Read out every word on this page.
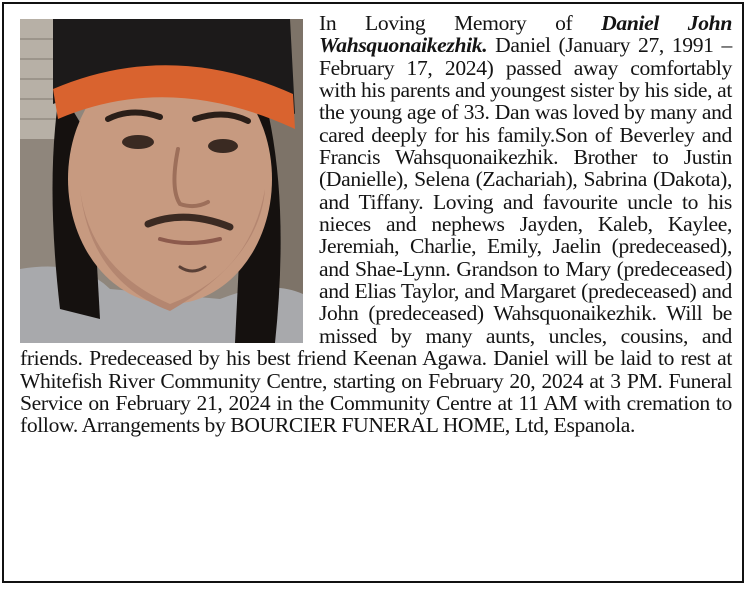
In Loving Memory of Daniel John Wahsquonaikezhik. Daniel (January 27, 1991 – February 17, 2024) passed away comfortably with his parents and youngest sister by his side, at the young age of 33. Dan was loved by many and cared deeply for his family.Son of Beverley and Francis Wahsquonaikezhik. Brother to Justin (Danielle), Selena (Zachariah), Sabrina (Dakota), and Tiffany. Loving and favourite uncle to his nieces and nephews Jayden, Kaleb, Kaylee, Jeremiah, Charlie, Emily, Jaelin (predeceased), and Shae-Lynn. Grandson to Mary (predeceased) and Elias Taylor, and Margaret (predeceased) and John (predeceased) Wahsquonaikezhik. Will be missed by many aunts, uncles, cousins, and friends. Predeceased by his best friend Keenan Agawa. Daniel will be laid to rest at Whitefish River Community Centre, starting on February 20, 2024 at 3 PM. Funeral Service on February 21, 2024 in the Community Centre at 11 AM with cremation to follow. Arrangements by BOURCIER FUNERAL HOME, Ltd, Espanola.
